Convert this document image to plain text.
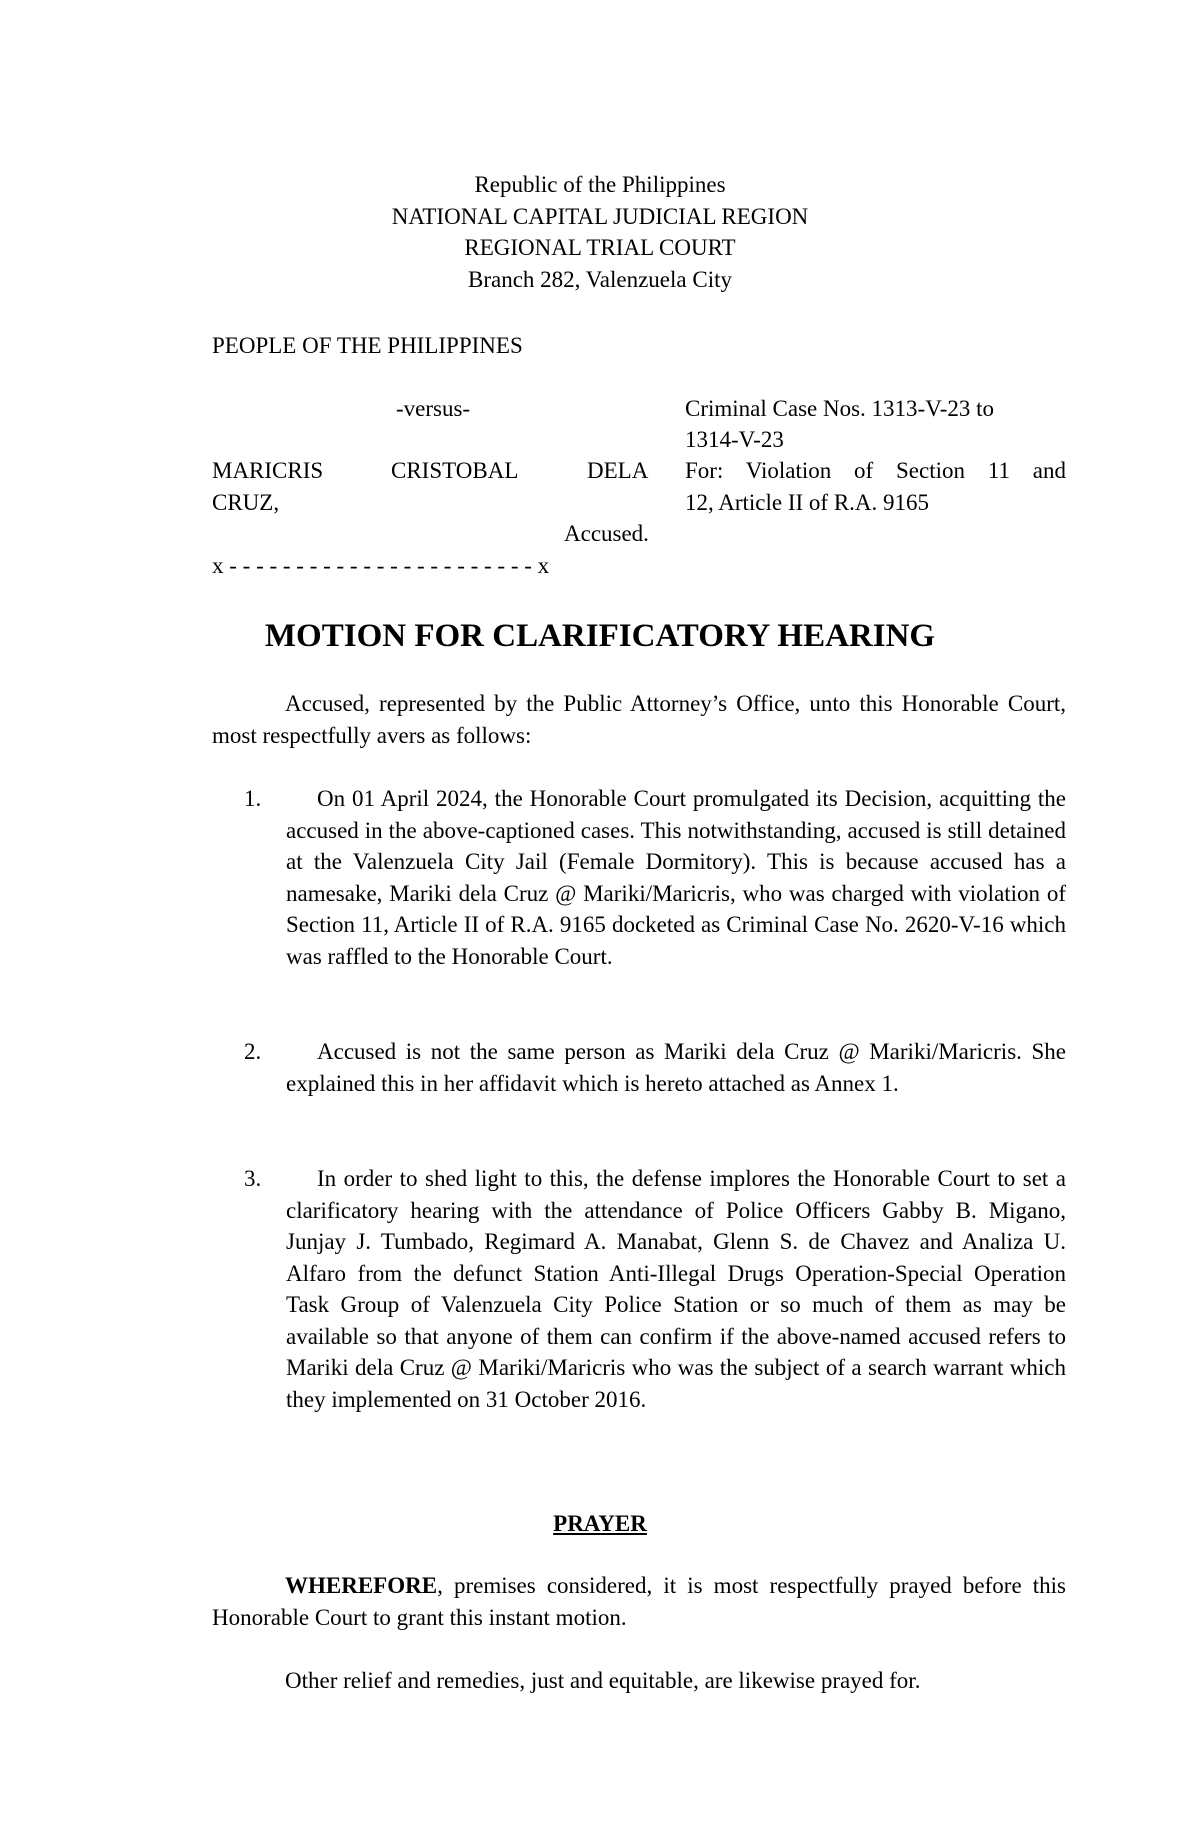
Republic of the Philippines
NATIONAL CAPITAL JUDICIAL REGION
REGIONAL TRIAL COURT
Branch 282, Valenzuela City
PEOPLE OF THE PHILIPPINES
-versus-
MARICRIS	CRISTOBAL	DELA
CRUZ,
Accused.
x - - - - - - - - - - - - - - - - - - - - - - - x
Criminal Case Nos. 1313-V-23 to
1314-V-23
For: Violation of Section 11 and
12, Article II of R.A. 9165
MOTION FOR CLARIFICATORY HEARING
Accused, represented by the Public Attorney’s Office, unto this Honorable Court, most respectfully avers as follows:
1.	On 01 April 2024, the Honorable Court promulgated its Decision, acquitting the accused in the above-captioned cases. This notwithstanding, accused is still detained at the Valenzuela City Jail (Female Dormitory). This is because accused has a namesake, Mariki dela Cruz @ Mariki/Maricris, who was charged with violation of Section 11, Article II of R.A. 9165 docketed as Criminal Case No. 2620-V-16 which was raffled to the Honorable Court.
2.	Accused is not the same person as Mariki dela Cruz @ Mariki/Maricris. She explained this in her affidavit which is hereto attached as Annex 1.
3.	In order to shed light to this, the defense implores the Honorable Court to set a clarificatory hearing with the attendance of Police Officers Gabby B. Migano, Junjay J. Tumbado, Regimard A. Manabat, Glenn S. de Chavez and Analiza U. Alfaro from the defunct Station Anti-Illegal Drugs Operation-Special Operation Task Group of Valenzuela City Police Station or so much of them as may be available so that anyone of them can confirm if the above-named accused refers to Mariki dela Cruz @ Mariki/Maricris who was the subject of a search warrant which they implemented on 31 October 2016.
PRAYER
WHEREFORE, premises considered, it is most respectfully prayed before this Honorable Court to grant this instant motion.
Other relief and remedies, just and equitable, are likewise prayed for.
